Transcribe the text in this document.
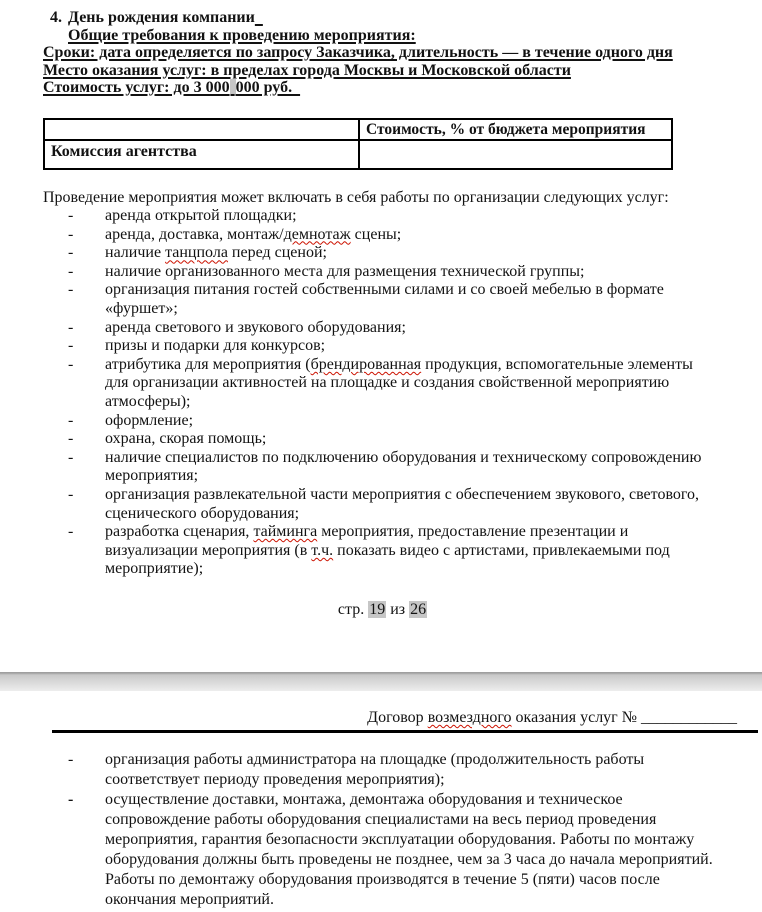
4. День рождения компании
Общие требования к проведению мероприятия:
Сроки: дата определяется по запросу Заказчика, длительность — в течение одного дня
Место оказания услуг: в пределах города Москвы и Московской области
Стоимость услуг: до 3 000 000 руб.
	Стоимость, % от бюджета мероприятия
Комиссия агентства	
Проведение мероприятия может включать в себя работы по организации следующих услуг:
-	аренда открытой площадки;
-	аренда, доставка, монтаж/демнотаж сцены;
-	наличие танцпола перед сценой;
-	наличие организованного места для размещения технической группы;
-	организация питания гостей собственными силами и со своей мебелью в формате «фуршет»;
-	аренда светового и звукового оборудования;
-	призы и подарки для конкурсов;
-	атрибутика для мероприятия (брендированная продукция, вспомогательные элементы для организации активностей на площадке и создания свойственной мероприятию атмосферы);
-	оформление;
-	охрана, скорая помощь;
-	наличие специалистов по подключению оборудования и техническому сопровождению мероприятия;
-	организация развлекательной части мероприятия с обеспечением звукового, светового, сценического оборудования;
-	разработка сценария, тайминга мероприятия, предоставление презентации и визуализации мероприятия (в т.ч. показать видео с артистами, привлекаемыми под мероприятие);
стр. 19 из 26
Договор возмездного оказания услуг № ____________
-	организация работы администратора на площадке (продолжительность работы соответствует периоду проведения мероприятия);
-	осуществление доставки, монтажа, демонтажа оборудования и техническое сопровождение работы оборудования специалистами на весь период проведения мероприятия, гарантия безопасности эксплуатации оборудования. Работы по монтажу оборудования должны быть проведены не позднее, чем за 3 часа до начала мероприятий. Работы по демонтажу оборудования производятся в течение 5 (пяти) часов после окончания мероприятий.
